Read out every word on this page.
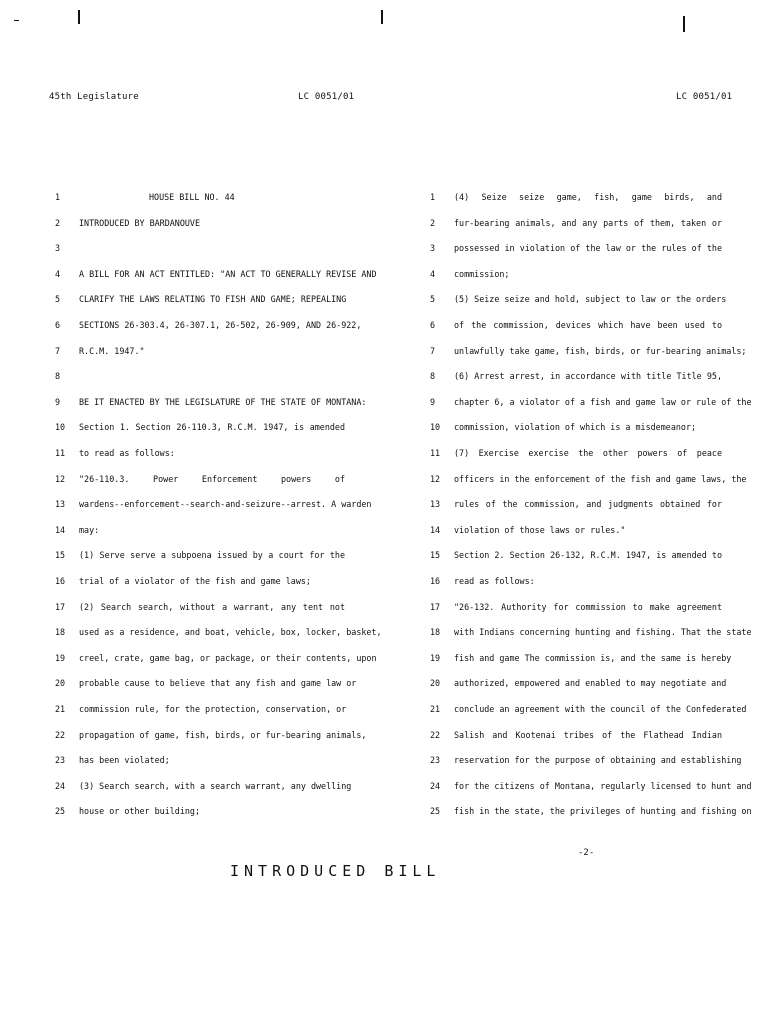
45th Legislature	LC 0051/01	LC 0051/01
1	HOUSE BILL NO. 44
2	INTRODUCED BY BARDANOUVE
3
4	A BILL FOR AN ACT ENTITLED: "AN ACT TO GENERALLY REVISE AND
5	CLARIFY THE LAWS RELATING TO FISH AND GAME; REPEALING
6	SECTIONS 26-303.4, 26-307.1, 26-502, 26-909, AND 26-922,
7	R.C.M. 1947."
8
9	BE IT ENACTED BY THE LEGISLATURE OF THE STATE OF MONTANA:
10	Section 1. Section 26-110.3, R.C.M. 1947, is amended
11	to read as follows:
12	"26-110.3. Power Enforcement powers of
13	wardens--enforcement--search-and-seizure--arrest. A warden
14	may:
15	(1) Serve serve a subpoena issued by a court for the
16	trial of a violator of the fish and game laws;
17	(2) Search search, without a warrant, any tent not
18	used as a residence, and boat, vehicle, box, locker, basket,
19	creel, crate, game bag, or package, or their contents, upon
20	probable cause to believe that any fish and game law or
21	commission rule, for the protection, conservation, or
22	propagation of game, fish, birds, or fur-bearing animals,
23	has been violated;
24	(3) Search search, with a search warrant, any dwelling
25	house or other building;
1	(4) Seize seize game, fish, game birds, and
2	fur-bearing animals, and any parts of them, taken or
3	possessed in violation of the law or the rules of the
4	commission;
5	(5) Seize seize and hold, subject to law or the orders
6	of the commission, devices which have been used to
7	unlawfully take game, fish, birds, or fur-bearing animals;
8	(6) Arrest arrest, in accordance with title Title 95,
9	chapter 6, a violator of a fish and game law or rule of the
10	commission, violation of which is a misdemeanor;
11	(7) Exercise exercise the other powers of peace
12	officers in the enforcement of the fish and game laws, the
13	rules of the commission, and judgments obtained for
14	violation of those laws or rules."
15	Section 2. Section 26-132, R.C.M. 1947, is amended to
16	read as follows:
17	"26-132. Authority for commission to make agreement
18	with Indians concerning hunting and fishing. That the state
19	fish and game The commission is, and the same is hereby
20	authorized, empowered and enabled to may negotiate and
21	conclude an agreement with the council of the Confederated
22	Salish and Kootenai tribes of the Flathead Indian
23	reservation for the purpose of obtaining and establishing
24	for the citizens of Montana, regularly licensed to hunt and
25	fish in the state, the privileges of hunting and fishing on
-2-
INTRODUCED BILL
